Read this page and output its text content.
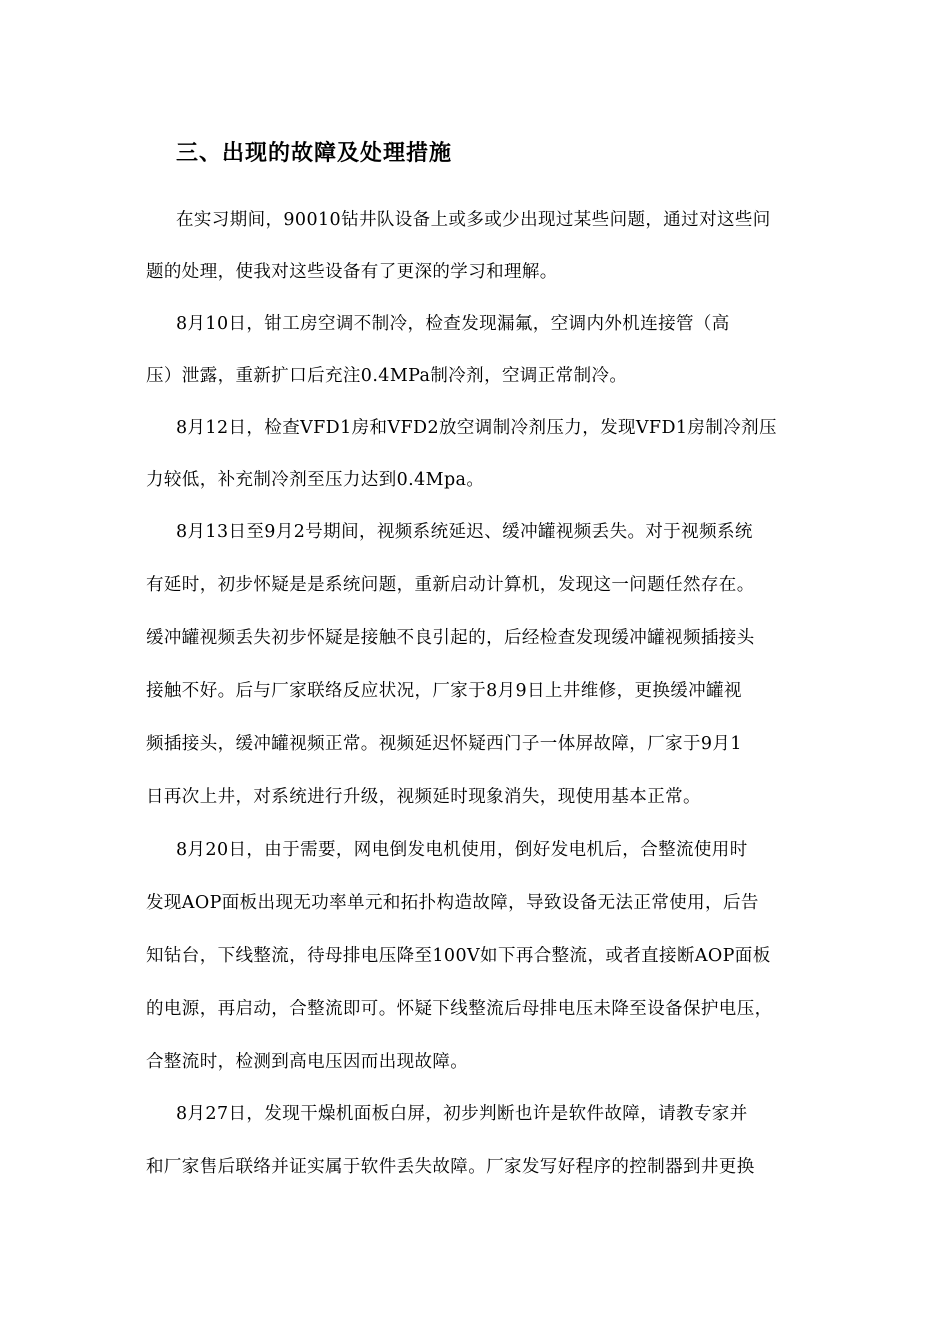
三、出现的故障及处理措施
在实习期间，90010钻井队设备上或多或少出现过某些问题，通过对这些问
题的处理，使我对这些设备有了更深的学习和理解。
8月10日，钳工房空调不制冷，检查发现漏氟，空调内外机连接管（高
压）泄露，重新扩口后充注0.4MPa制冷剂，空调正常制冷。
8月12日，检查VFD1房和VFD2放空调制冷剂压力，发现VFD1房制冷剂压
力较低，补充制冷剂至压力达到0.4Mpa。
8月13日至9月2号期间，视频系统延迟、缓冲罐视频丢失。对于视频系统
有延时，初步怀疑是是系统问题，重新启动计算机，发现这一问题任然存在。
缓冲罐视频丢失初步怀疑是接触不良引起的，后经检查发现缓冲罐视频插接头
接触不好。后与厂家联络反应状况，厂家于8月9日上井维修，更换缓冲罐视
频插接头，缓冲罐视频正常。视频延迟怀疑西门子一体屏故障，厂家于9月1
日再次上井，对系统进行升级，视频延时现象消失，现使用基本正常。
8月20日，由于需要，网电倒发电机使用，倒好发电机后，合整流使用时
发现AOP面板出现无功率单元和拓扑构造故障，导致设备无法正常使用，后告
知钻台，下线整流，待母排电压降至100V如下再合整流，或者直接断AOP面板
的电源，再启动，合整流即可。怀疑下线整流后母排电压未降至设备保护电压，
合整流时，检测到高电压因而出现故障。
8月27日，发现干燥机面板白屏，初步判断也许是软件故障，请教专家并
和厂家售后联络并证实属于软件丢失故障。厂家发写好程序的控制器到井更换
